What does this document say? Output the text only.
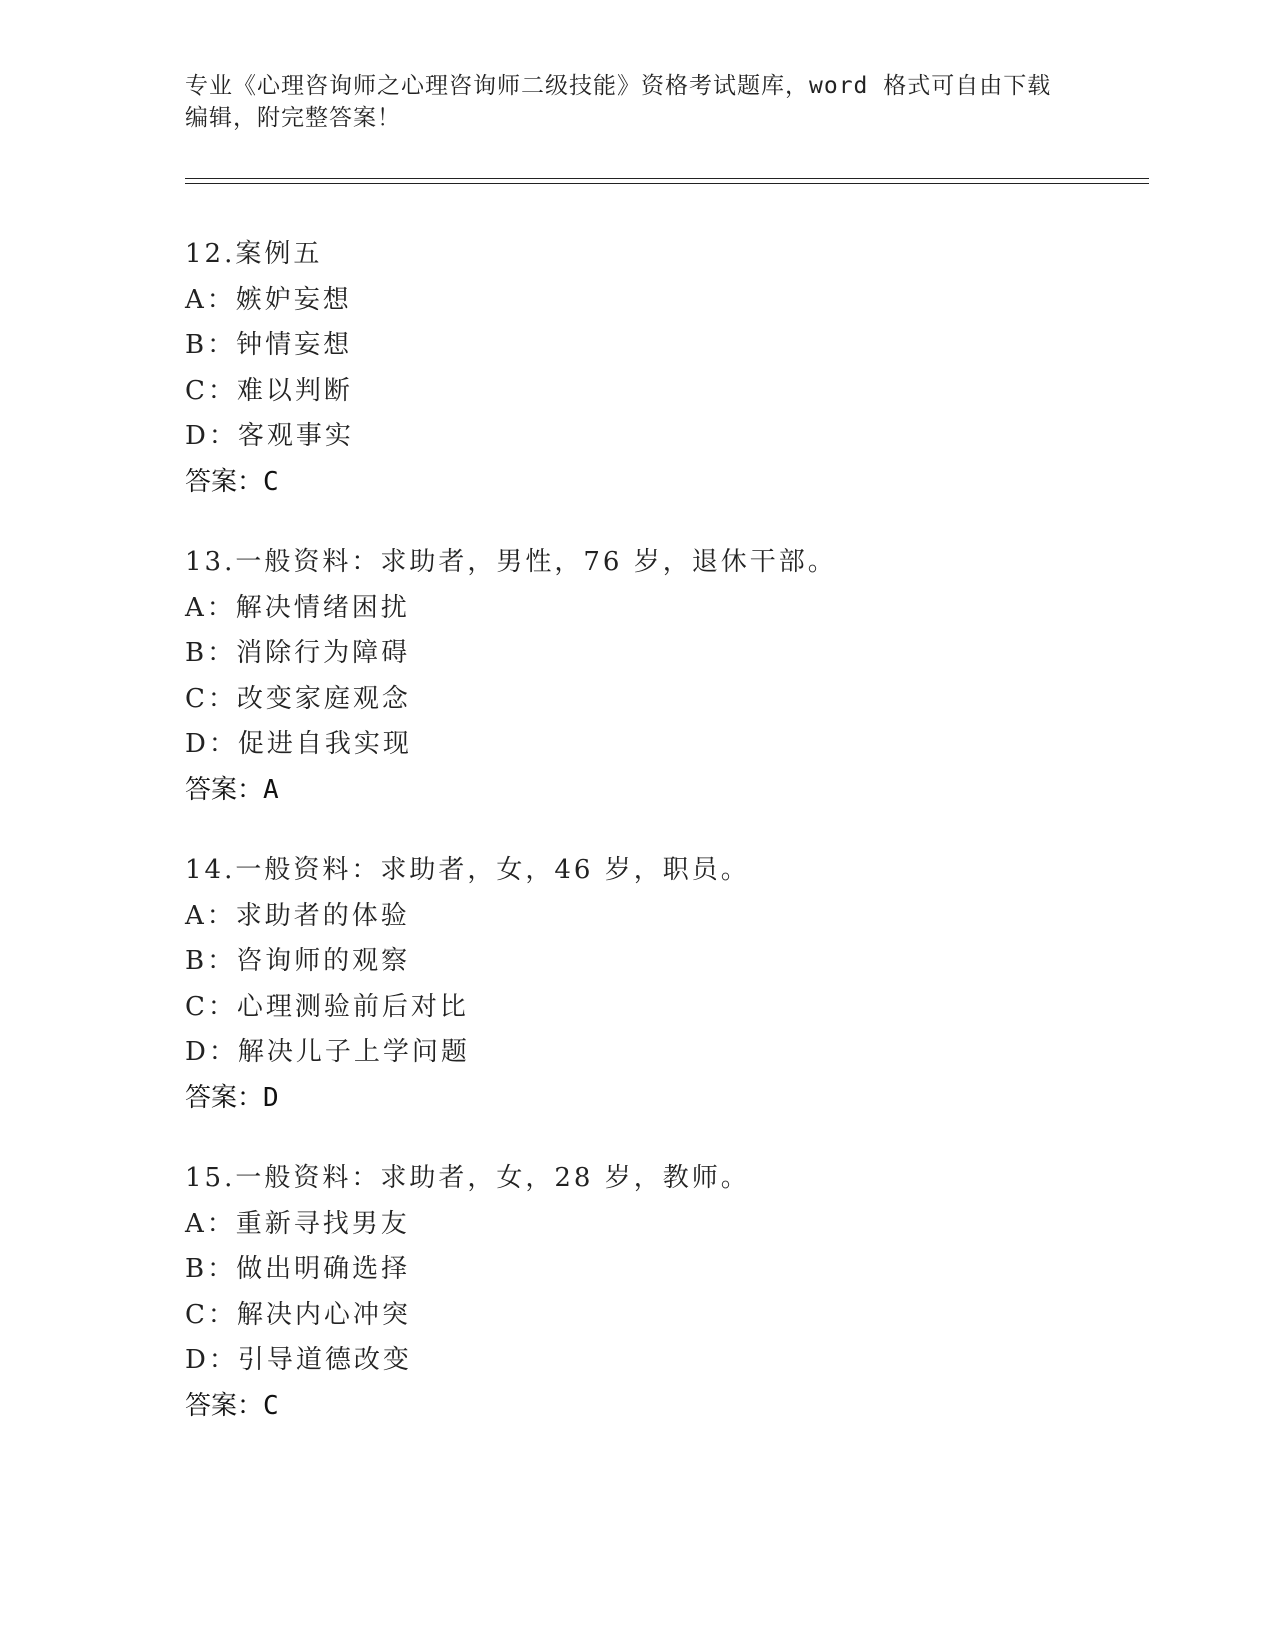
专业《心理咨询师之心理咨询师二级技能》资格考试题库，word 格式可自由下载
编辑，附完整答案！
12.案例五
A：嫉妒妄想
B：钟情妄想
C：难以判断
D：客观事实
答案：C
13.一般资料：求助者，男性，76 岁，退休干部。
A：解决情绪困扰
B：消除行为障碍
C：改变家庭观念
D：促进自我实现
答案：A
14.一般资料：求助者，女，46 岁，职员。
A：求助者的体验
B：咨询师的观察
C：心理测验前后对比
D：解决儿子上学问题
答案：D
15.一般资料：求助者，女，28 岁，教师。
A：重新寻找男友
B：做出明确选择
C：解决内心冲突
D：引导道德改变
答案：C
